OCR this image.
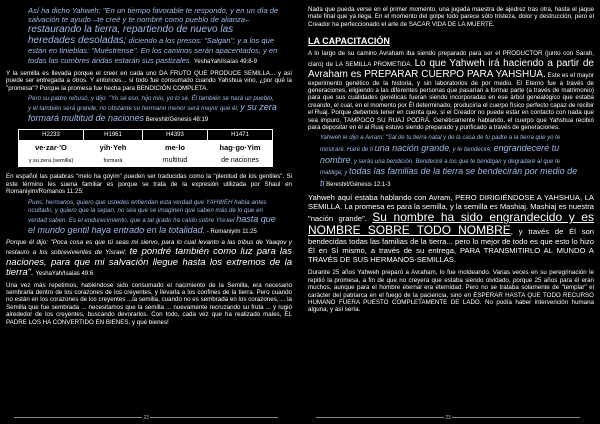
Así ha dicho Yahweh: "En un tiempo favorable te respondo, y en un día de salvación te ayudo –te creé y te nombré como pueblo de alianza– restaurando la tierra, repartiendo de nuevo las heredades desoladas; diciendo a los presos: "Salgan"; y a los que están en tinieblas: "Muéstrense". En los caminos serán apacentados, y en todas las cumbres áridas estarán sus pastizales. YeshaYah/Isaías 49:8-9

Y la semilla es llevada porque el creer en cada uno DA FRUTO QUE PRODUCE SEMILLA... y así puede ser entregada a otros. Y entonces... sí todo fue consumado cuando Yahshua vino, ¿por qué la "promesa"? Porque la promesa fue hecha para BENDICIÓN COMPLETA.

Pero su padre rehusó, y dijo: "Yo sé eso, hijo mío, yo lo sé. Él también se hará un pueblo, y él también será grande; no obstante su hermano menor será mayor que él, y su zera formará multitud de naciones Bereshit/Génesis 48:19
H2233	H1961	H4393	H1471
ve·zar·'O	yih·Yeh	me·lo	hag·go·Yim
y su zera (semilla)	formará	multitud	de naciones

En español las palabras "melo ha goyim" pueden ser traducidas como la "plenitud de los gentiles". Si este término les suena familiar es porque se trata de la expresión utilizada por Shaul en Romaniyim/Romanos 11:25:

Pues, hermanos, quiero que ustedes entiendan esta verdad que YAHWEH había antes ocultado, y quiero que la sepan, no sea que se imaginen que saben más de lo que en verdad saben. Es el endurecimiento, que a tal grado ha caído sobre Yisrael hasta que el mundo gentil haya entrado en la totalidad. - Romaniyim 11:25

Porque él dijo: "Poca cosa es que tú seas mi siervo, para lo cual levanto a las tribus de Yaaqov y restauro a los sobrevivientes de Yisrael; te pondré también como luz para las naciones, para que mi salvación llegue hasta los extremos de la tierra". YeshaYah/Isaías 49:6

Una vez más repetimos, habiéndose sido consumado el nacimiento de la Semilla, era necesario sembrarla dentro de los corazones de los creyentes, y llevarla a los confines de la tierra. Pero cuando no están en los corazones de los creyentes ...la semilla, cuando no es sembrada en los corazones, ... la Semilla que fue sembrada ... necesitamos que la semilla ... nuevamente recruzando su fruta ... y rugió alrededor de los creyentes, buscando devorarlos. Con todo, cada vez que ha realizado males, EL PADRE LOS HA CONVERTIDO EN BIENES, y qué bienes!

22

Nada que pueda verse en el primer momento, una jugada maestra de ajedrez tras otra, hasta el jaque mate final que ya llega. En el momento del golpe todo parece sólo tristeza, dolor y destrucción, pero el Creador ha perfeccionado el arte de SACAR VIDA DE LA MUERTE.

LA CAPACITACIÓN

A lo largo de su camino Avraham iba siendo preparado para ser el PRODUCTOR (junto con Sarah, claro) de LA SEMILLA PROMETIDA. Lo que Yahweh irá haciendo a partir de Avraham es PREPARAR CUERPO PARA YAHSHUA. Este es el mayor experimento genético de la historia, y sin laboratorios de por medio. El Eterno fue a través de generaciones, eligiendo a las diferentes personas que pasarían a formar parte (a través de matrimonio) para que sus cualidades genéticas fueran siendo incorporadas en ese árbol genealógico que estaba creando, el cual, en el momento por Él determinado, produciría el cuerpo físico perfecto capaz de recibir el Ruaj. Porque debemos tener en cuenta que, si el Creador no puede estar en contacto con nada que sea impuro, TAMPOCO SU RUAJ PODRÁ. Genéticamente hablando, el cuerpo que Yahshua recibió para depositar en él al Ruaj estuvo siendo preparado y purificado a través de generaciones.

Yahweh le dijo a Avram: "Sal de tu tierra natal y de la casa de tu padre a la tierra que yo te mostraré. Haré de ti una nación grande, y te bendeciré; engrandeceré tu nombre, y serás una bendición. Bendeciré a los que te bendigan y degradaré al que te maldiga; y todas las familias de la tierra se bendecirán por medio de ti Bereshit/Génesis 12:1-3

Yahweh aquí estaba hablando con Avram, PERO DIRIGIÉNDOSE A YAHSHUA, LA SEMILLA. La promesa es para la semilla, y la semilla es Mashiaj. Mashiaj es nuestra "nación grande". Su nombre ha sido engrandecido y es NOMBRE SOBRE TODO NOMBRE, y través de Él son bendecidas todas las familias de la tierra... pero lo mejor de todo es que esto lo hizo Él en Sí mismo, a través de su entrega, PARA TRANSMITIRLO AL MUNDO A TRAVÉS DE SUS HERMANOS-SEMILLAS.

Durante 25 años Yahweh preparó a Avraham, lo fue moldeando. Varias veces en su peregrinación le repitió la promesa, a fin de que no creyera que estaba siendo olvidado, porque 25 años para él eran muchos, aunque para el hombre eternal era eternidad. Pero no se trataba solamente de "templar" el carácter del patriarca en el fuego de la paciencia, sino en ESPERAR HASTA QUE TODO RECURSO HUMANO FUERA PUESTO COMPLETAMENTE DE LADO. No podía haber intervención humana alguna, y así sería.

23
